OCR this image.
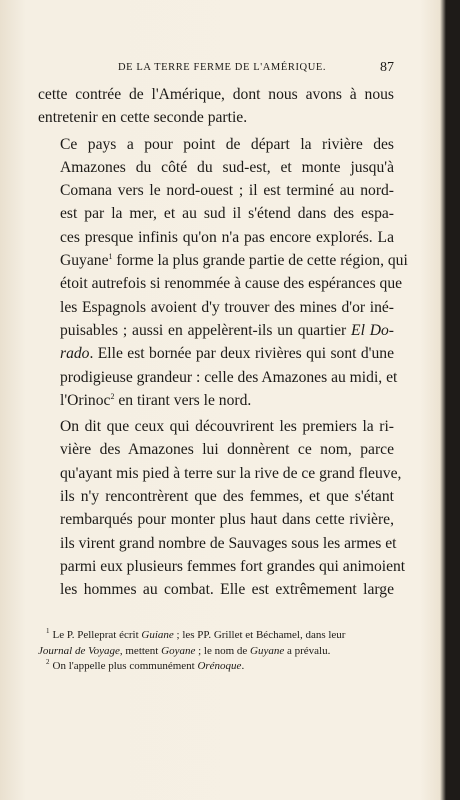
DE LA TERRE FERME DE L'AMÉRIQUE.	87

cette contrée de l'Amérique, dont nous avons à nous
entretenir en cette seconde partie.

Ce pays a pour point de départ la rivière des
Amazones du côté du sud-est, et monte jusqu'à
Comana vers le nord-ouest ; il est terminé au nord-
est par la mer, et au sud il s'étend dans des espa-
ces presque infinis qu'on n'a pas encore explorés. La
Guyane$^1$ forme la plus grande partie de cette région, qui
étoit autrefois si renommée à cause des espérances que
les Espagnols avoient d'y trouver des mines d'or iné-
puisables ; aussi en appelèrent-ils un quartier El Do-
rado. Elle est bornée par deux rivières qui sont d'une
prodigieuse grandeur : celle des Amazones au midi, et
l'Orinoc$^2$ en tirant vers le nord.

On dit que ceux qui découvrirent les premiers la ri-
vière des Amazones lui donnèrent ce nom, parce
qu'ayant mis pied à terre sur la rive de ce grand fleuve,
ils n'y rencontrèrent que des femmes, et que s'étant
rembarqués pour monter plus haut dans cette rivière,
ils virent grand nombre de Sauvages sous les armes et
parmi eux plusieurs femmes fort grandes qui animoient
les hommes au combat. Elle est extrêmement large

$^1$ Le P. Pelleprat écrit Guiane ; les PP. Grillet et Béchamel, dans leur
Journal de Voyage, mettent Goyane ; le nom de Guyane a prévalu.
$^2$ On l'appelle plus communément Orénoque.
